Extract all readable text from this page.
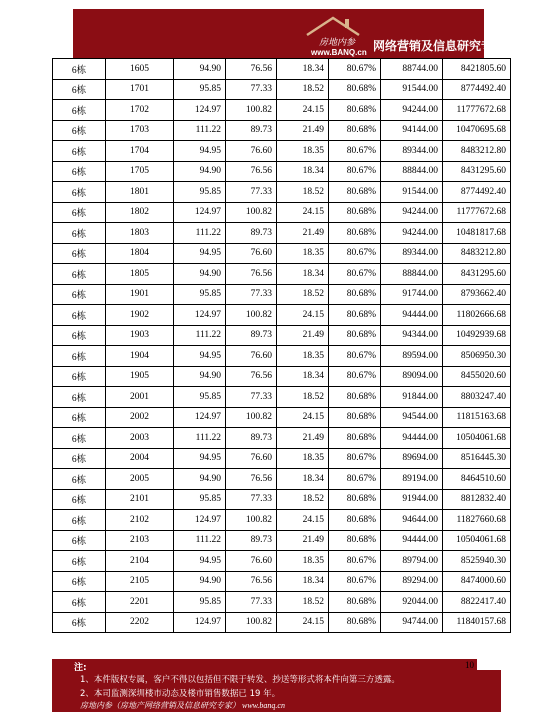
房地内参
www.BANQ.cn 网络营销及信息研究专家
6栋	1605	94.90	76.56	18.34	80.67%	88744.00	8421805.60
6栋	1701	95.85	77.33	18.52	80.68%	91544.00	8774492.40
6栋	1702	124.97	100.82	24.15	80.68%	94244.00	11777672.68
6栋	1703	111.22	89.73	21.49	80.68%	94144.00	10470695.68
6栋	1704	94.95	76.60	18.35	80.67%	89344.00	8483212.80
6栋	1705	94.90	76.56	18.34	80.67%	88844.00	8431295.60
6栋	1801	95.85	77.33	18.52	80.68%	91544.00	8774492.40
6栋	1802	124.97	100.82	24.15	80.68%	94244.00	11777672.68
6栋	1803	111.22	89.73	21.49	80.68%	94244.00	10481817.68
6栋	1804	94.95	76.60	18.35	80.67%	89344.00	8483212.80
6栋	1805	94.90	76.56	18.34	80.67%	88844.00	8431295.60
6栋	1901	95.85	77.33	18.52	80.68%	91744.00	8793662.40
6栋	1902	124.97	100.82	24.15	80.68%	94444.00	11802666.68
6栋	1903	111.22	89.73	21.49	80.68%	94344.00	10492939.68
6栋	1904	94.95	76.60	18.35	80.67%	89594.00	8506950.30
6栋	1905	94.90	76.56	18.34	80.67%	89094.00	8455020.60
6栋	2001	95.85	77.33	18.52	80.68%	91844.00	8803247.40
6栋	2002	124.97	100.82	24.15	80.68%	94544.00	11815163.68
6栋	2003	111.22	89.73	21.49	80.68%	94444.00	10504061.68
6栋	2004	94.95	76.60	18.35	80.67%	89694.00	8516445.30
6栋	2005	94.90	76.56	18.34	80.67%	89194.00	8464510.60
6栋	2101	95.85	77.33	18.52	80.68%	91944.00	8812832.40
6栋	2102	124.97	100.82	24.15	80.68%	94644.00	11827660.68
6栋	2103	111.22	89.73	21.49	80.68%	94444.00	10504061.68
6栋	2104	94.95	76.60	18.35	80.67%	89794.00	8525940.30
6栋	2105	94.90	76.56	18.34	80.67%	89294.00	8474000.60
6栋	2201	95.85	77.33	18.52	80.68%	92044.00	8822417.40
6栋	2202	124.97	100.82	24.15	80.68%	94744.00	11840157.68
注:
1、本件版权专属，客户不得以包括但不限于转发、抄送等形式将本件向第三方透露。
2、本司监测深圳楼市动态及楼市销售数据已 19 年。
房地内参（房地产网络营销及信息研究专家） www.banq.cn
10
